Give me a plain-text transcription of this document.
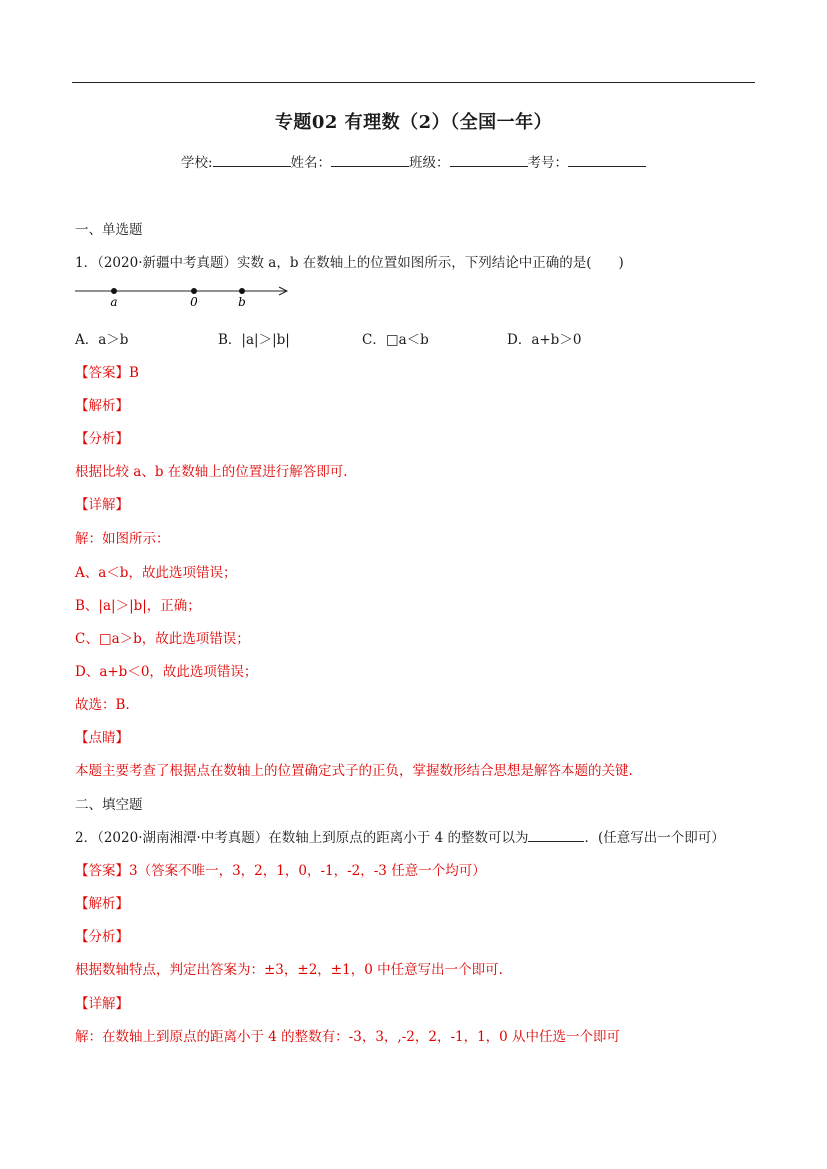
专题02 有理数（2）（全国一年）
学校:	姓名：	班级：	考号：
一、单选题
1．（2020·新疆中考真题）实数 a，b 在数轴上的位置如图所示，下列结论中正确的是(　　)
a	0	b
A．a＞b	B．|a|＞|b|	C．□a＜b	D．a+b＞0
【答案】B
【解析】
【分析】
根据比较 a、b 在数轴上的位置进行解答即可.
【详解】
解：如图所示：
A、a＜b，故此选项错误；
B、|a|＞|b|，正确；
C、□a＞b，故此选项错误；
D、a+b＜0，故此选项错误；
故选：B.
【点睛】
本题主要考查了根据点在数轴上的位置确定式子的正负，掌握数形结合思想是解答本题的关键.
二、填空题
2．（2020·湖南湘潭·中考真题）在数轴上到原点的距离小于 4 的整数可以为	．(任意写出一个即可）
【答案】3（答案不唯一，3，2，1，0，-1，-2，-3 任意一个均可）
【解析】
【分析】
根据数轴特点，判定出答案为：±3，±2，±1，0 中任意写出一个即可.
【详解】
解：在数轴上到原点的距离小于 4 的整数有：-3，3，,-2，2，-1，1，0 从中任选一个即可
